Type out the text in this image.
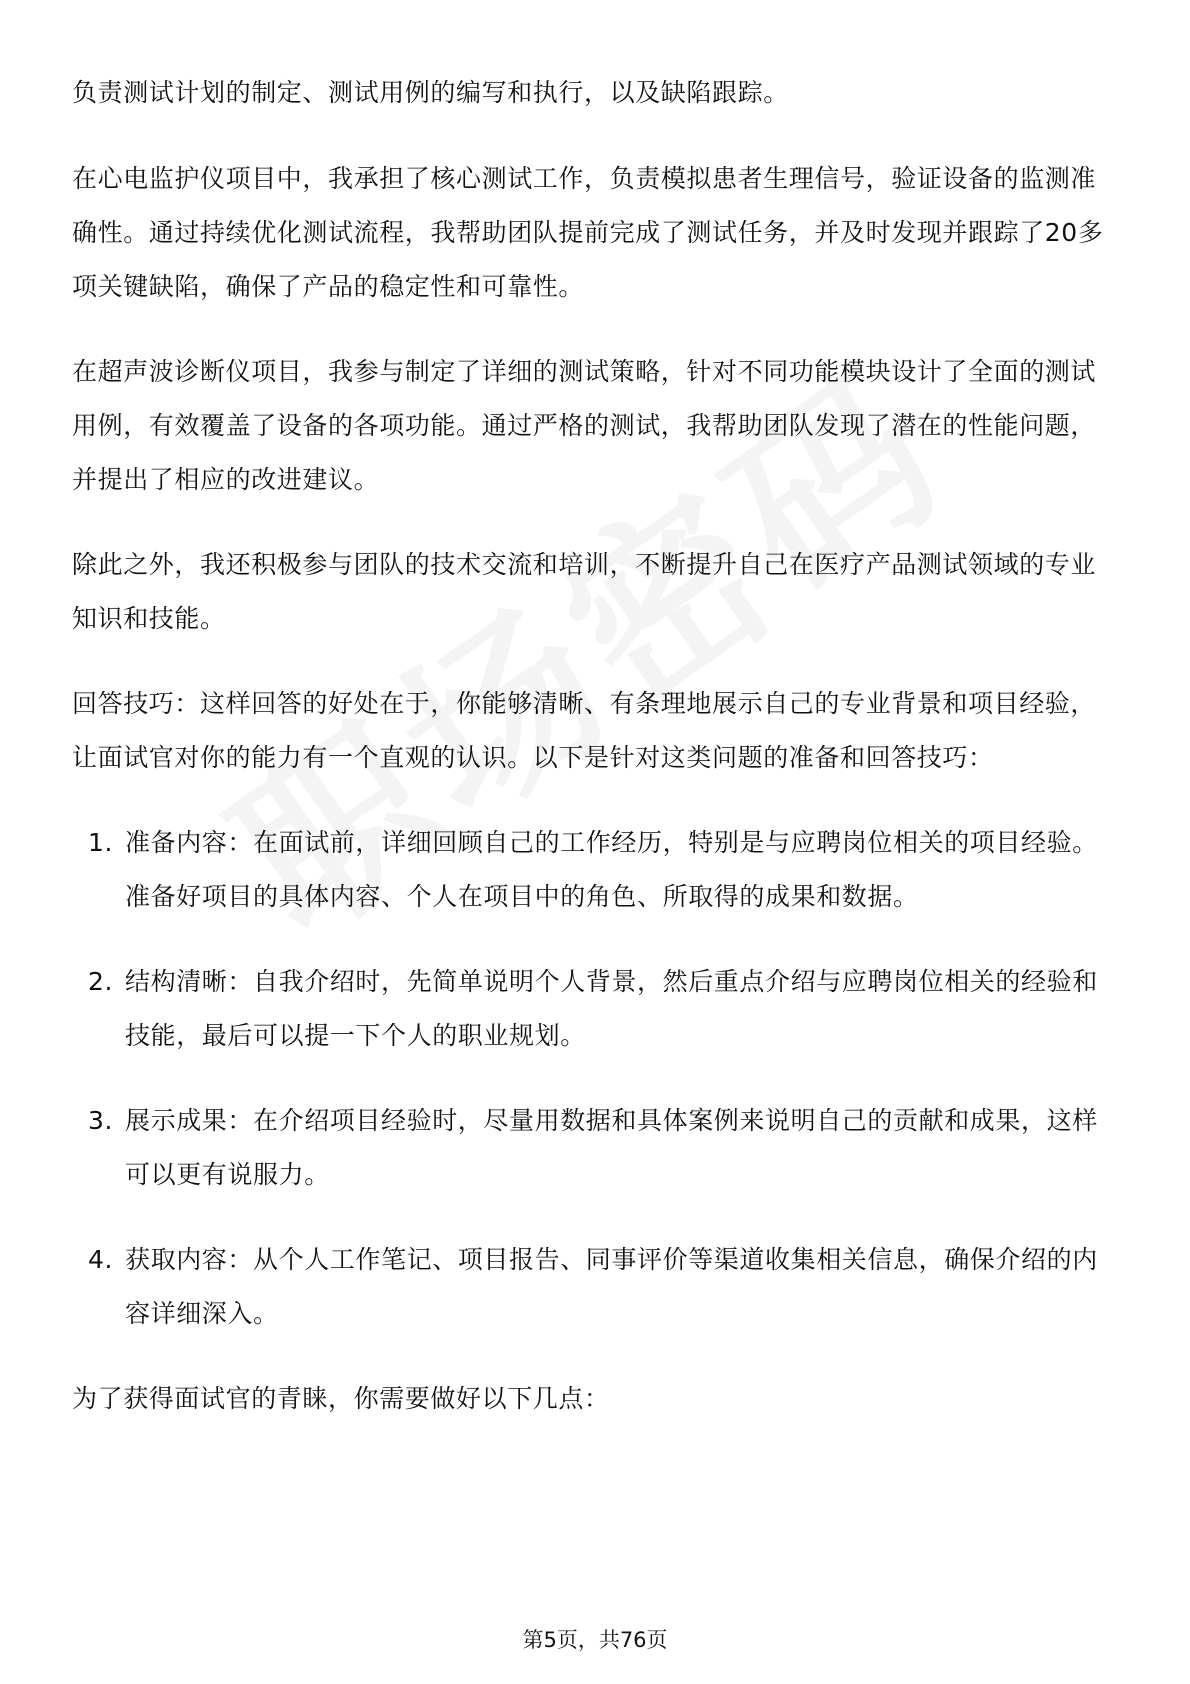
负责测试计划的制定、测试用例的编写和执行，以及缺陷跟踪。

在心电监护仪项目中，我承担了核心测试工作，负责模拟患者生理信号，验证设备的监测准确性。通过持续优化测试流程，我帮助团队提前完成了测试任务，并及时发现并跟踪了20多项关键缺陷，确保了产品的稳定性和可靠性。

在超声波诊断仪项目，我参与制定了详细的测试策略，针对不同功能模块设计了全面的测试用例，有效覆盖了设备的各项功能。通过严格的测试，我帮助团队发现了潜在的性能问题，并提出了相应的改进建议。

除此之外，我还积极参与团队的技术交流和培训，不断提升自己在医疗产品测试领域的专业知识和技能。

回答技巧：这样回答的好处在于，你能够清晰、有条理地展示自己的专业背景和项目经验，让面试官对你的能力有一个直观的认识。以下是针对这类问题的准备和回答技巧：

1. 准备内容：在面试前，详细回顾自己的工作经历，特别是与应聘岗位相关的项目经验。准备好项目的具体内容、个人在项目中的角色、所取得的成果和数据。
2. 结构清晰：自我介绍时，先简单说明个人背景，然后重点介绍与应聘岗位相关的经验和技能，最后可以提一下个人的职业规划。
3. 展示成果：在介绍项目经验时，尽量用数据和具体案例来说明自己的贡献和成果，这样可以更有说服力。
4. 获取内容：从个人工作笔记、项目报告、同事评价等渠道收集相关信息，确保介绍的内容详细深入。

为了获得面试官的青睐，你需要做好以下几点：

第5页，共76页
